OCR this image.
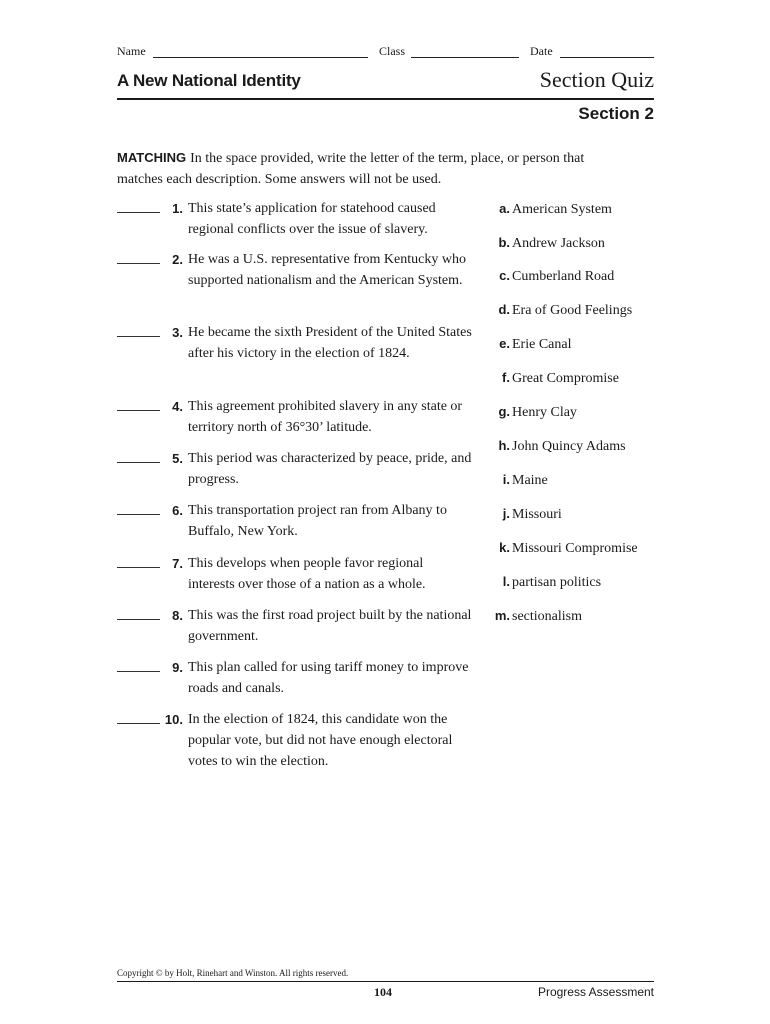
Name	Class	Date
A New National Identity	Section Quiz
Section 2
MATCHING In the space provided, write the letter of the term, place, or person that matches each description. Some answers will not be used.
1. This state’s application for statehood caused regional conflicts over the issue of slavery.
2. He was a U.S. representative from Kentucky who supported nationalism and the American System.
3. He became the sixth President of the United States after his victory in the election of 1824.
4. This agreement prohibited slavery in any state or territory north of 36°30’ latitude.
5. This period was characterized by peace, pride, and progress.
6. This transportation project ran from Albany to Buffalo, New York.
7. This develops when people favor regional interests over those of a nation as a whole.
8. This was the first road project built by the national government.
9. This plan called for using tariff money to improve roads and canals.
10. In the election of 1824, this candidate won the popular vote, but did not have enough electoral votes to win the election.
a. American System
b. Andrew Jackson
c. Cumberland Road
d. Era of Good Feelings
e. Erie Canal
f. Great Compromise
g. Henry Clay
h. John Quincy Adams
i. Maine
j. Missouri
k. Missouri Compromise
l. partisan politics
m. sectionalism
Copyright © by Holt, Rinehart and Winston. All rights reserved.
104	Progress Assessment
